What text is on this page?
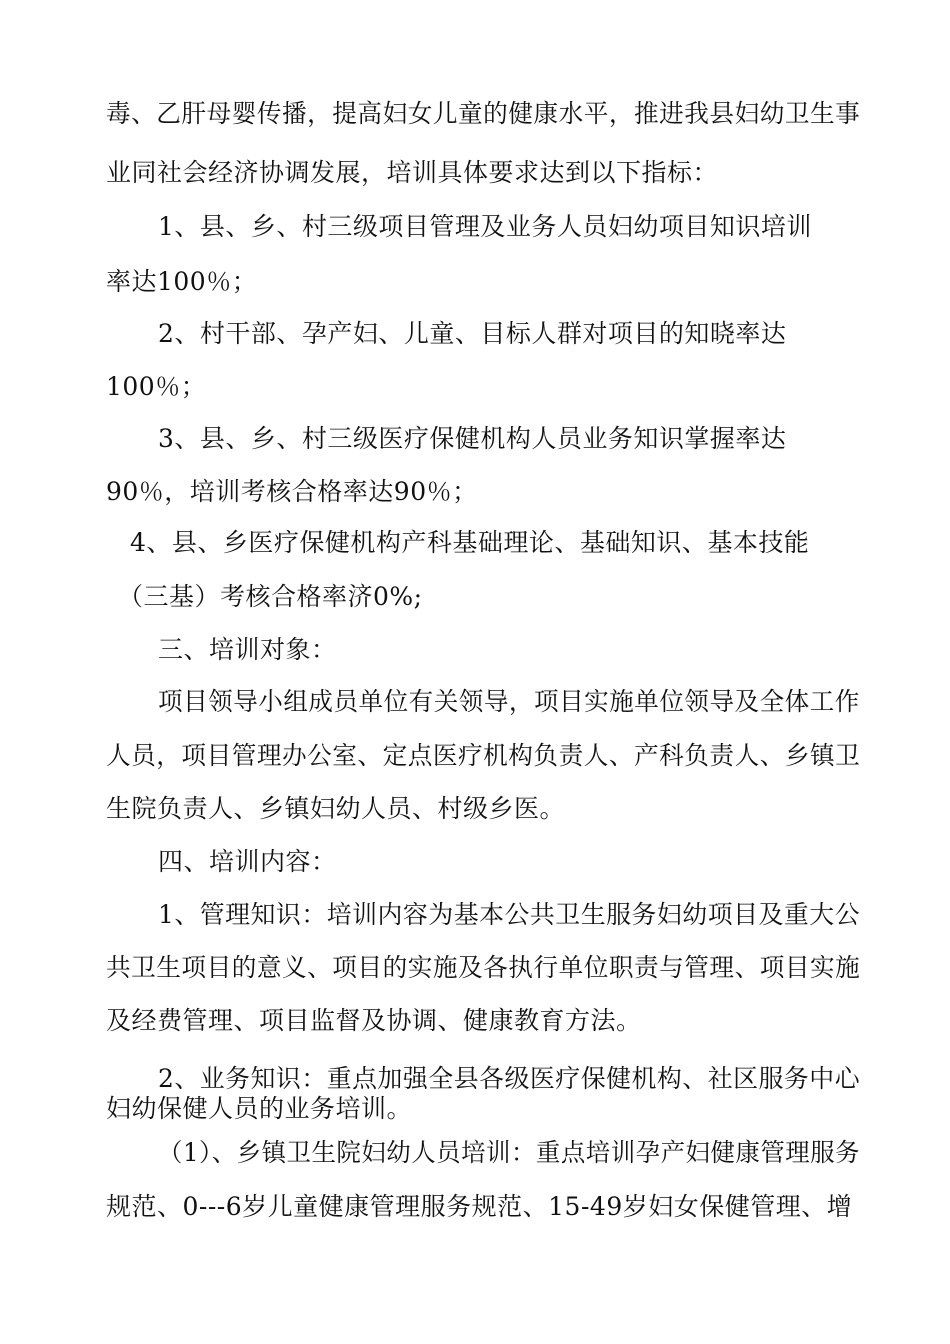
毒、乙肝母婴传播，提高妇女儿童的健康水平，推进我县妇幼卫生事
业同社会经济协调发展，培训具体要求达到以下指标：
1、县、乡、村三级项目管理及业务人员妇幼项目知识培训
率达100％；
2、村干部、孕产妇、儿童、目标人群对项目的知晓率达
100％；
3、县、乡、村三级医疗保健机构人员业务知识掌握率达
90％，培训考核合格率达90％；
4、县、乡医疗保健机构产科基础理论、基础知识、基本技能
（三基）考核合格率济0%;
三、培训对象：
项目领导小组成员单位有关领导，项目实施单位领导及全体工作
人员，项目管理办公室、定点医疗机构负责人、产科负责人、乡镇卫
生院负责人、乡镇妇幼人员、村级乡医。
四、培训内容：
1、管理知识：培训内容为基本公共卫生服务妇幼项目及重大公
共卫生项目的意义、项目的实施及各执行单位职责与管理、项目实施
及经费管理、项目监督及协调、健康教育方法。
2、业务知识：重点加强全县各级医疗保健机构、社区服务中心
妇幼保健人员的业务培训。
（1）、乡镇卫生院妇幼人员培训：重点培训孕产妇健康管理服务
规范、0---6岁儿童健康管理服务规范、15-49岁妇女保健管理、增
